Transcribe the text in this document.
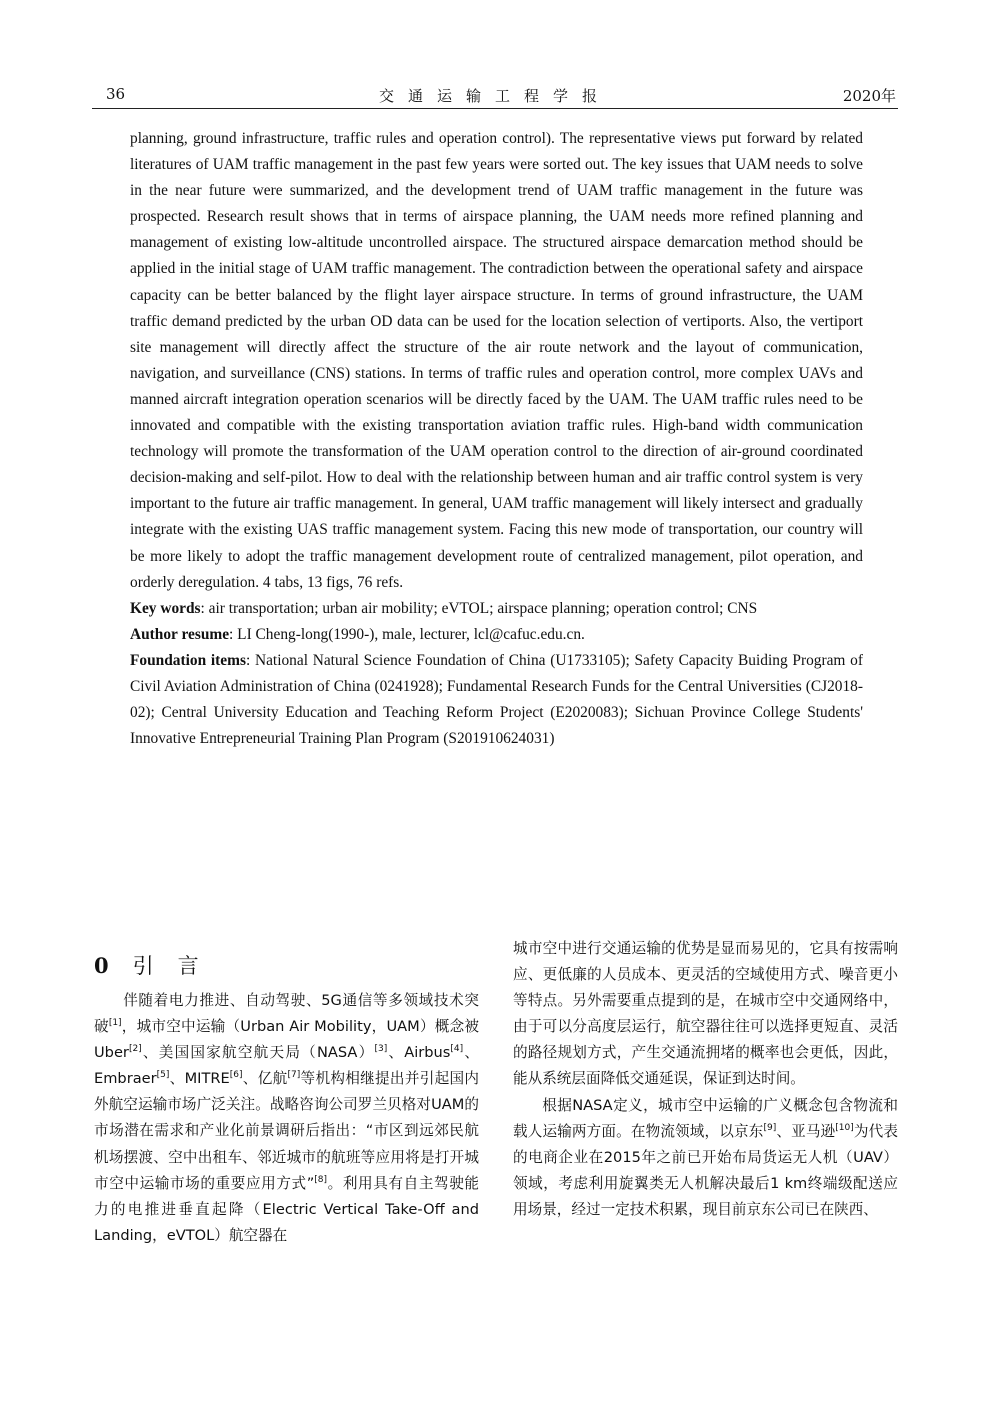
36	交通运输工程学报	2020年

planning, ground infrastructure, traffic rules and operation control). The representative views put forward by related literatures of UAM traffic management in the past few years were sorted out. The key issues that UAM needs to solve in the near future were summarized, and the development trend of UAM traffic management in the future was prospected. Research result shows that in terms of airspace planning, the UAM needs more refined planning and management of existing low-altitude uncontrolled airspace. The structured airspace demarcation method should be applied in the initial stage of UAM traffic management. The contradiction between the operational safety and airspace capacity can be better balanced by the flight layer airspace structure. In terms of ground infrastructure, the UAM traffic demand predicted by the urban OD data can be used for the location selection of vertiports. Also, the vertiport site management will directly affect the structure of the air route network and the layout of communication, navigation, and surveillance (CNS) stations. In terms of traffic rules and operation control, more complex UAVs and manned aircraft integration operation scenarios will be directly faced by the UAM. The UAM traffic rules need to be innovated and compatible with the existing transportation aviation traffic rules. High-band width communication technology will promote the transformation of the UAM operation control to the direction of air-ground coordinated decision-making and self-pilot. How to deal with the relationship between human and air traffic control system is very important to the future air traffic management. In general, UAM traffic management will likely intersect and gradually integrate with the existing UAS traffic management system. Facing this new mode of transportation, our country will be more likely to adopt the traffic management development route of centralized management, pilot operation, and orderly deregulation. 4 tabs, 13 figs, 76 refs.

Key words: air transportation; urban air mobility; eVTOL; airspace planning; operation control; CNS

Author resume: LI Cheng-long(1990-), male, lecturer, lcl@cafuc.edu.cn.

Foundation items: National Natural Science Foundation of China (U1733105); Safety Capacity Buiding Program of Civil Aviation Administration of China (0241928); Fundamental Research Funds for the Central Universities (CJ2018-02); Central University Education and Teaching Reform Project (E2020083); Sichuan Province College Students' Innovative Entrepreneurial Training Plan Program (S201910624031)

0 引言

伴随着电力推进、自动驾驶、5G通信等多领域技术突破[1]，城市空中运输（Urban Air Mobility，UAM）概念被Uber[2]、美国国家航空航天局（NASA）[3]、Airbus[4]、Embraer[5]、MITRE[6]、亿航[7]等机构相继提出并引起国内外航空运输市场广泛关注。战略咨询公司罗兰贝格对UAM的市场潜在需求和产业化前景调研后指出：“市区到远郊民航机场摆渡、空中出租车、邻近城市的航班等应用将是打开城市空中运输市场的重要应用方式”[8]。利用具有自主驾驶能力的电推进垂直起降（Electric Vertical Take-Off and Landing，eVTOL）航空器在

城市空中进行交通运输的优势是显而易见的，它具有按需响应、更低廉的人员成本、更灵活的空域使用方式、噪音更小等特点。另外需要重点提到的是，在城市空中交通网络中，由于可以分高度层运行，航空器往往可以选择更短直、灵活的路径规划方式，产生交通流拥堵的概率也会更低，因此，能从系统层面降低交通延误，保证到达时间。

根据NASA定义，城市空中运输的广义概念包含物流和载人运输两方面。在物流领域，以京东[9]、亚马逊[10]为代表的电商企业在2015年之前已开始布局货运无人机（UAV）领域，考虑利用旋翼类无人机解决最后1 km终端级配送应用场景，经过一定技术积累，现目前京东公司已在陕西、
